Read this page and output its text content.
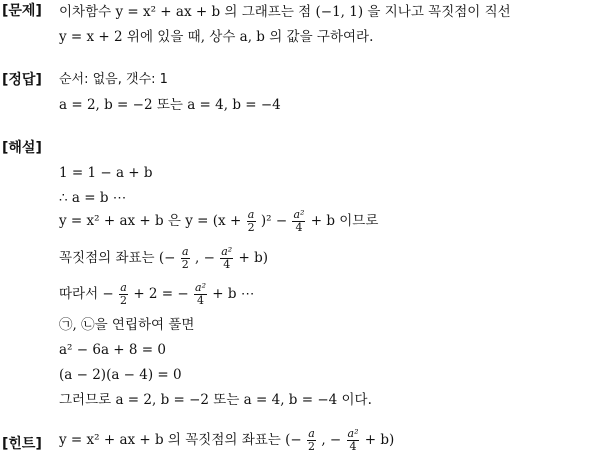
[문제] 이차함수 y = x² + ax + b 의 그래프는 점 (−1, 1) 을 지나고 꼭짓점이 직선
y = x + 2 위에 있을 때, 상수 a, b 의 값을 구하여라.
[정답] 순서: 없음, 갯수: 1
a = 2, b = −2 또는 a = 4, b = −4
[해설]
1 = 1 − a + b
∴ a = b ⋯
y = x² + ax + b 은 $y = (x + \frac{a}{2} )^2 - \frac{\text{a²}}{4} + b$ 이므로
꼭짓점의 좌표는 (− $\frac{a}{2}$ , − $\frac{\text{a²}}{4} + b$)
따라서 − $\frac{a}{2} + 2$ = − $\frac{\text{a²}}{4} + b$ ⋯
㉠, ㉡을 연립하여 풀면
a² − 6a + 8 = 0
(a − 2)(a − 4) = 0
그러므로 a = 2, b = −2 또는 a = 4, b = −4 이다.
[힌트] y = x² + ax + b 의 꼭짓점의 좌표는 (− $\frac{a}{2}$ , − $\frac{\text{a²}}{4} + b$)
